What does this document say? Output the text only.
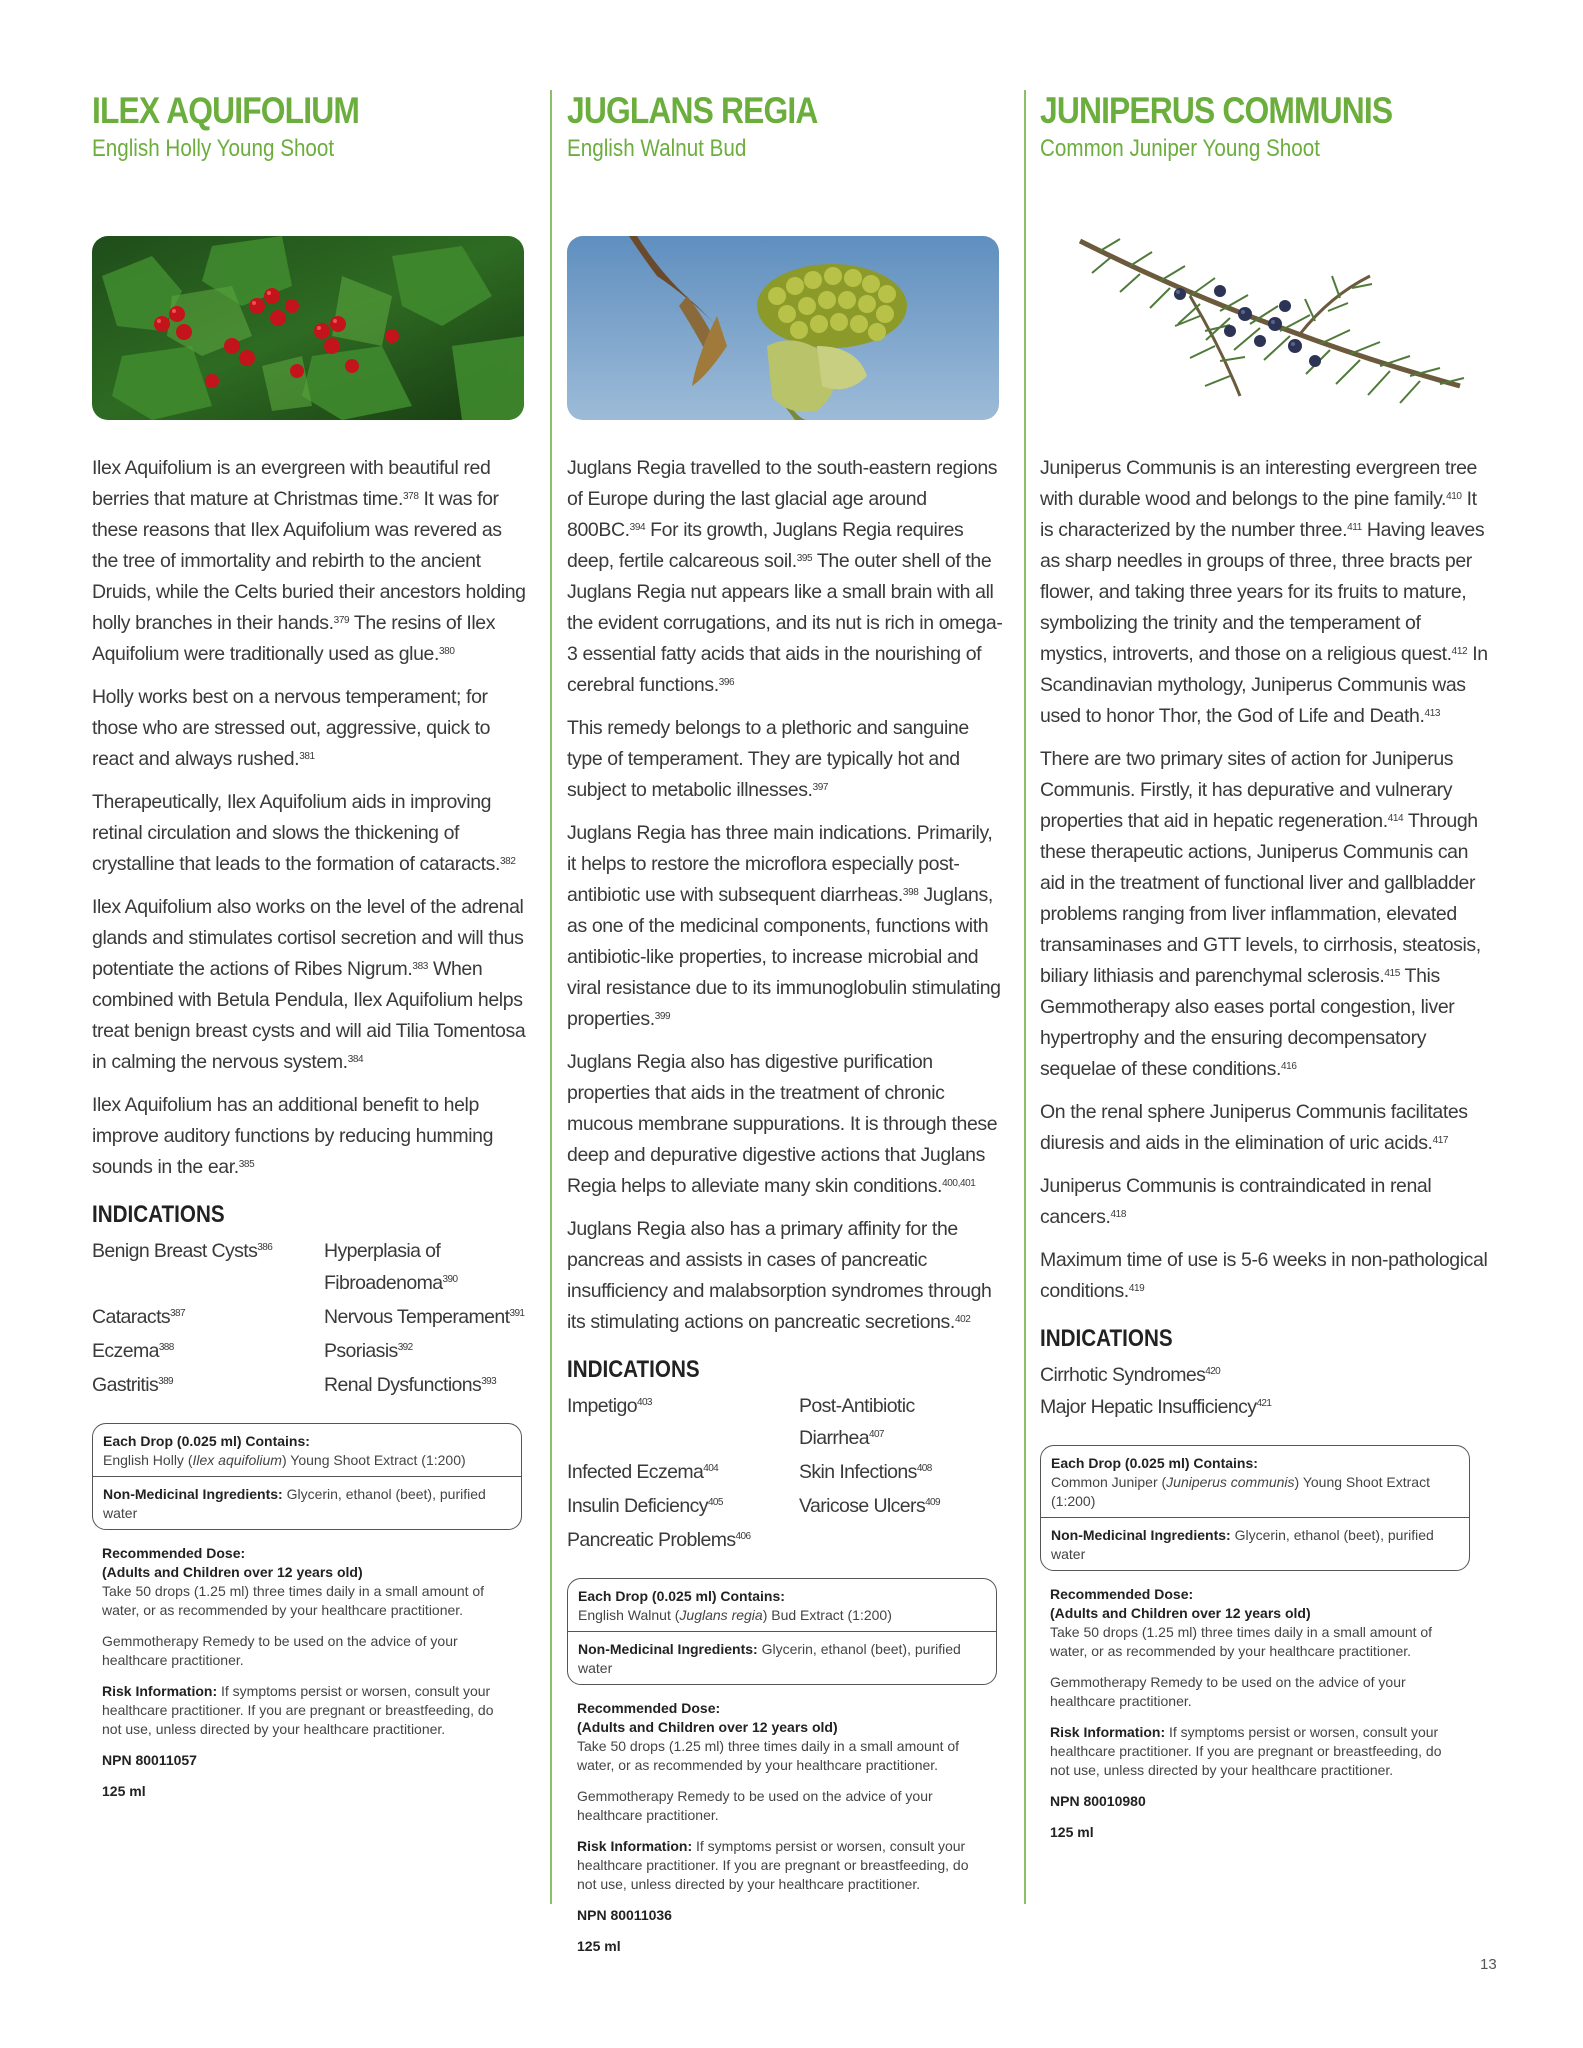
ILEX AQUIFOLIUM

English Holly Young Shoot

Ilex Aquifolium is an evergreen with beautiful red berries that mature at Christmas time.$^{378}$ It was for these reasons that Ilex Aquifolium was revered as the tree of immortality and rebirth to the ancient Druids, while the Celts buried their ancestors holding holly branches in their hands.$^{379}$ The resins of Ilex Aquifolium were traditionally used as glue.$^{380}$

Holly works best on a nervous temperament; for those who are stressed out, aggressive, quick to react and always rushed.$^{381}$

Therapeutically, Ilex Aquifolium aids in improving retinal circulation and slows the thickening of crystalline that leads to the formation of cataracts.$^{382}$

Ilex Aquifolium also works on the level of the adrenal glands and stimulates cortisol secretion and will thus potentiate the actions of Ribes Nigrum.$^{383}$ When combined with Betula Pendula, Ilex Aquifolium helps treat benign breast cysts and will aid Tilia Tomentosa in calming the nervous system.$^{384}$

Ilex Aquifolium has an additional benefit to help improve auditory functions by reducing humming sounds in the ear.$^{385}$

INDICATIONS
Benign Breast Cysts$^{386}$	Hyperplasia of Fibroadenoma$^{390}$
Cataracts$^{387}$	Nervous Temperament$^{391}$
Eczema$^{388}$	Psoriasis$^{392}$
Gastritis$^{389}$	Renal Dysfunctions$^{393}$
Each Drop (0.025 ml) Contains:
English Holly (Ilex aquifolium) Young Shoot Extract (1:200)
Non-Medicinal Ingredients: Glycerin, ethanol (beet), purified water

Recommended Dose:
(Adults and Children over 12 years old)
Take 50 drops (1.25 ml) three times daily in a small amount of water, or as recommended by your healthcare practitioner.

Gemmotherapy Remedy to be used on the advice of your healthcare practitioner.

Risk Information: If symptoms persist or worsen, consult your healthcare practitioner. If you are pregnant or breastfeeding, do not use, unless directed by your healthcare practitioner.

NPN 80011057

125 ml

JUGLANS REGIA

English Walnut Bud

Juglans Regia travelled to the south-eastern regions of Europe during the last glacial age around 800BC.$^{394}$ For its growth, Juglans Regia requires deep, fertile calcareous soil.$^{395}$ The outer shell of the Juglans Regia nut appears like a small brain with all the evident corrugations, and its nut is rich in omega-3 essential fatty acids that aids in the nourishing of cerebral functions.$^{396}$

This remedy belongs to a plethoric and sanguine type of temperament. They are typically hot and subject to metabolic illnesses.$^{397}$

Juglans Regia has three main indications. Primarily, it helps to restore the microflora especially post-antibiotic use with subsequent diarrheas.$^{398}$ Juglans, as one of the medicinal components, functions with antibiotic-like properties, to increase microbial and viral resistance due to its immunoglobulin stimulating properties.$^{399}$

Juglans Regia also has digestive purification properties that aids in the treatment of chronic mucous membrane suppurations. It is through these deep and depurative digestive actions that Juglans Regia helps to alleviate many skin conditions.$^{400,401}$

Juglans Regia also has a primary affinity for the pancreas and assists in cases of pancreatic insufficiency and malabsorption syndromes through its stimulating actions on pancreatic secretions.$^{402}$

INDICATIONS
Impetigo$^{403}$	Post-Antibiotic Diarrhea$^{407}$
Infected Eczema$^{404}$	Skin Infections$^{408}$
Insulin Deficiency$^{405}$	Varicose Ulcers$^{409}$
Pancreatic Problems$^{406}$
Each Drop (0.025 ml) Contains:
English Walnut (Juglans regia) Bud Extract (1:200)
Non-Medicinal Ingredients: Glycerin, ethanol (beet), purified water

Recommended Dose:
(Adults and Children over 12 years old)
Take 50 drops (1.25 ml) three times daily in a small amount of water, or as recommended by your healthcare practitioner.

Gemmotherapy Remedy to be used on the advice of your healthcare practitioner.

Risk Information: If symptoms persist or worsen, consult your healthcare practitioner. If you are pregnant or breastfeeding, do not use, unless directed by your healthcare practitioner.

NPN 80011036

125 ml

JUNIPERUS COMMUNIS

Common Juniper Young Shoot

Juniperus Communis is an interesting evergreen tree with durable wood and belongs to the pine family.$^{410}$ It is characterized by the number three.$^{411}$ Having leaves as sharp needles in groups of three, three bracts per flower, and taking three years for its fruits to mature, symbolizing the trinity and the temperament of mystics, introverts, and those on a religious quest.$^{412}$ In Scandinavian mythology, Juniperus Communis was used to honor Thor, the God of Life and Death.$^{413}$

There are two primary sites of action for Juniperus Communis. Firstly, it has depurative and vulnerary properties that aid in hepatic regeneration.$^{414}$ Through these therapeutic actions, Juniperus Communis can aid in the treatment of functional liver and gallbladder problems ranging from liver inflammation, elevated transaminases and GTT levels, to cirrhosis, steatosis, biliary lithiasis and parenchymal sclerosis.$^{415}$ This Gemmotherapy also eases portal congestion, liver hypertrophy and the ensuring decompensatory sequelae of these conditions.$^{416}$

On the renal sphere Juniperus Communis facilitates diuresis and aids in the elimination of uric acids.$^{417}$

Juniperus Communis is contraindicated in renal cancers.$^{418}$

Maximum time of use is 5-6 weeks in non-pathological conditions.$^{419}$

INDICATIONS
Cirrhotic Syndromes$^{420}$
Major Hepatic Insufficiency$^{421}$
Each Drop (0.025 ml) Contains:
Common Juniper (Juniperus communis) Young Shoot Extract (1:200)
Non-Medicinal Ingredients: Glycerin, ethanol (beet), purified water

Recommended Dose:
(Adults and Children over 12 years old)
Take 50 drops (1.25 ml) three times daily in a small amount of water, or as recommended by your healthcare practitioner.

Gemmotherapy Remedy to be used on the advice of your healthcare practitioner.

Risk Information: If symptoms persist or worsen, consult your healthcare practitioner. If you are pregnant or breastfeeding, do not use, unless directed by your healthcare practitioner.

NPN 80010980

125 ml

13
